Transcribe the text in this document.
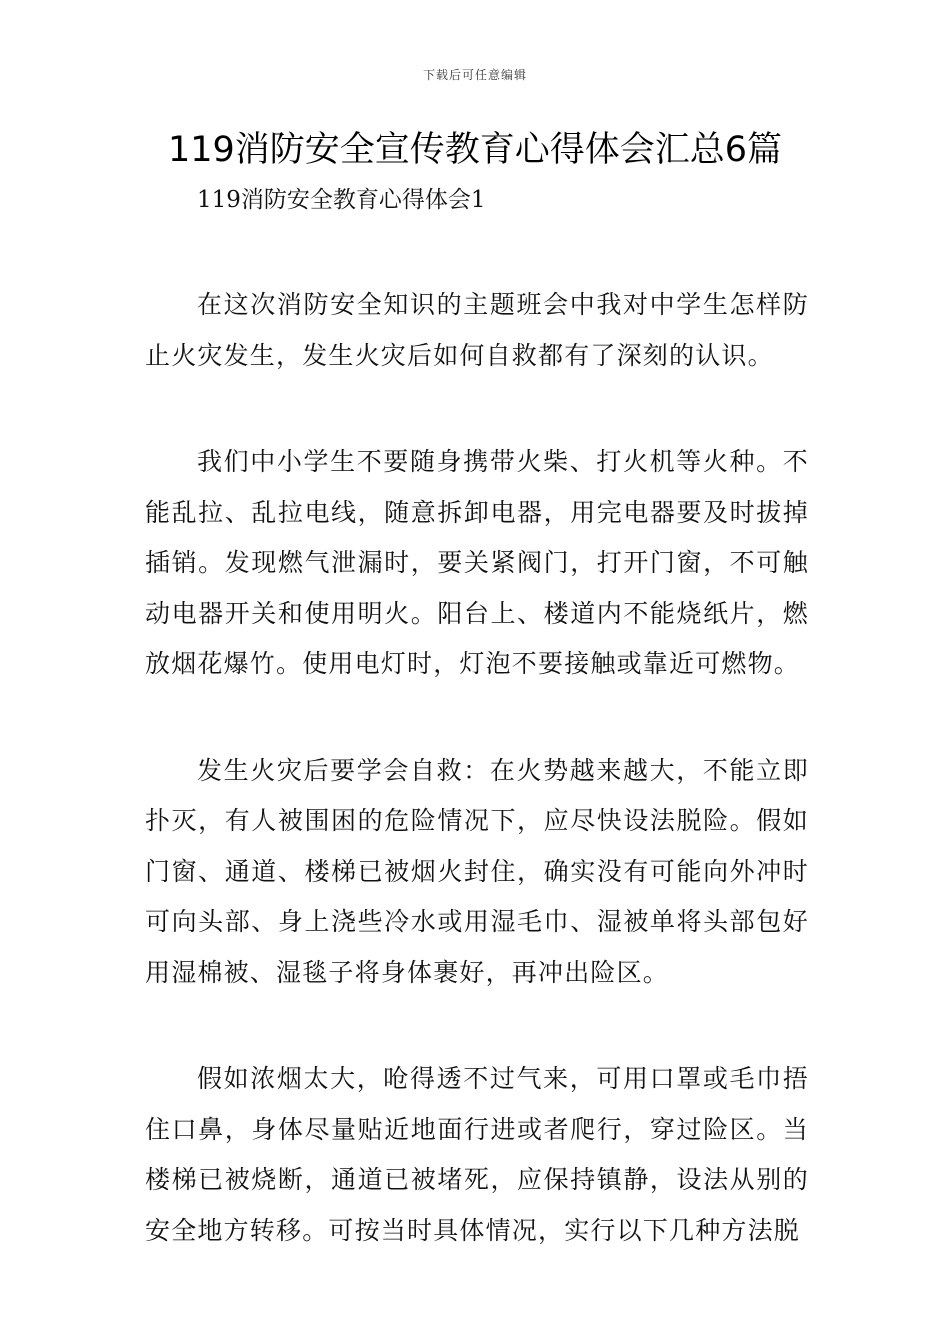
下载后可任意编辑
119消防安全宣传教育心得体会汇总6篇
119消防安全教育心得体会1

在这次消防安全知识的主题班会中我对中学生怎样防止火灾发生，发生火灾后如何自救都有了深刻的认识。

我们中小学生不要随身携带火柴、打火机等火种。不能乱拉、乱拉电线，随意拆卸电器，用完电器要及时拔掉插销。发现燃气泄漏时，要关紧阀门，打开门窗，不可触动电器开关和使用明火。阳台上、楼道内不能烧纸片，燃放烟花爆竹。使用电灯时，灯泡不要接触或靠近可燃物。

发生火灾后要学会自救：在火势越来越大，不能立即扑灭，有人被围困的危险情况下，应尽快设法脱险。假如门窗、通道、楼梯已被烟火封住，确实没有可能向外冲时可向头部、身上浇些冷水或用湿毛巾、湿被单将头部包好用湿棉被、湿毯子将身体裹好，再冲出险区。

假如浓烟太大，呛得透不过气来，可用口罩或毛巾捂住口鼻，身体尽量贴近地面行进或者爬行，穿过险区。当楼梯已被烧断，通道已被堵死，应保持镇静，设法从别的安全地方转移。可按当时具体情况，实行以下几种方法脱
